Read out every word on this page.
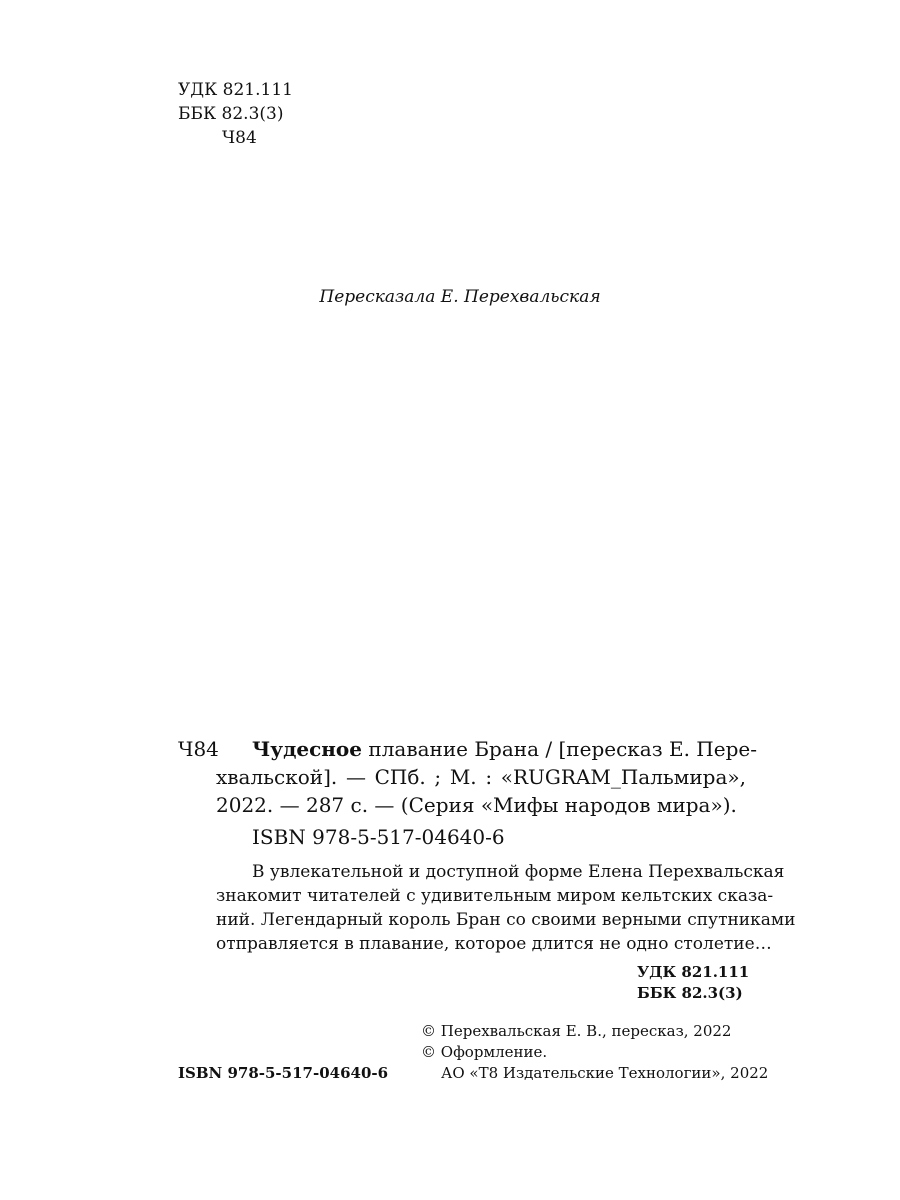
УДК 821.111
ББК 82.3(3)
Ч84
Пересказала Е. Перехвальская
Ч84 Чудесное плавание Брана / [пересказ Е. Пере-
хвальской]. — СПб. ; М. : «RUGRAM_Пальмира»,
2022. — 287 с. — (Серия «Мифы народов мира»).
ISBN 978-5-517-04640-6
В увлекательной и доступной форме Елена Перехвальская
знакомит читателей с удивительным миром кельтских сказа-
ний. Легендарный король Бран со своими верными спутниками
отправляется в плавание, которое длится не одно столетие…
УДК 821.111
ББК 82.3(3)
© Перехвальская Е. В., пересказ, 2022
© Оформление.
АО «Т8 Издательские Технологии», 2022
ISBN 978-5-517-04640-6
